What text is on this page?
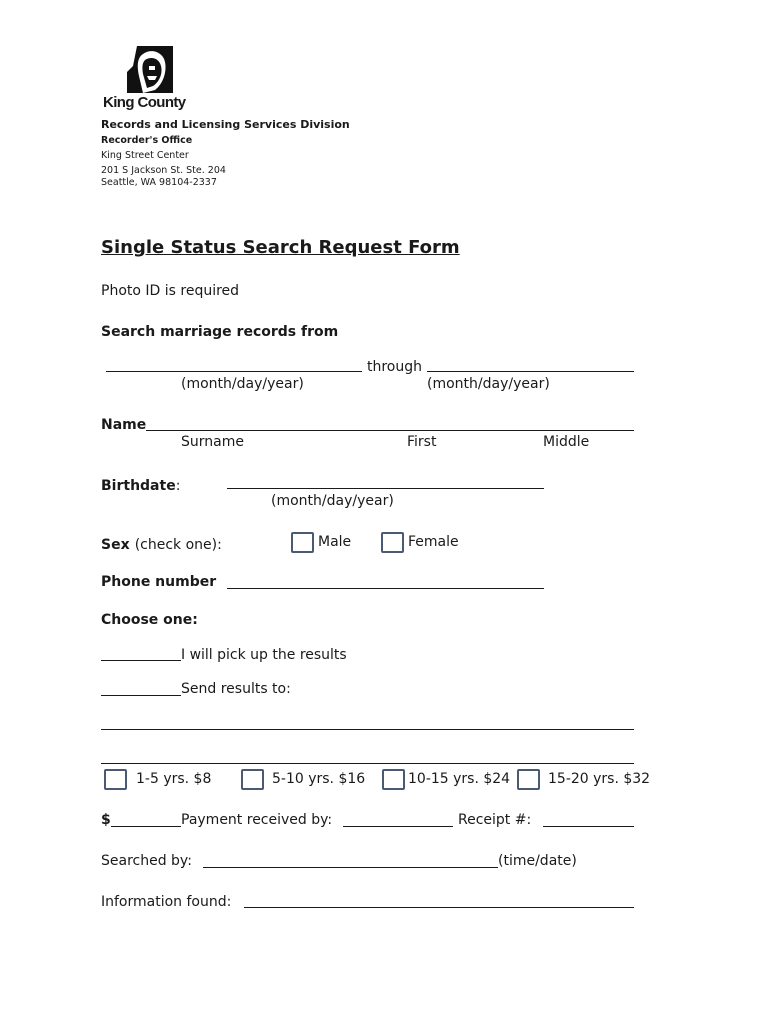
King County
Records and Licensing Services Division
Recorder's Office
King Street Center
201 S Jackson St. Ste. 204
Seattle, WA 98104-2337
Single Status Search Request Form
Photo ID is required
Search marriage records from
through
(month/day/year)	(month/day/year)
Name
Surname	First	Middle
Birthdate:
(month/day/year)
Sex (check one):	Male	Female
Phone number
Choose one:
I will pick up the results
Send results to:
1-5 yrs. $8	5-10 yrs. $16	10-15 yrs. $24	15-20 yrs. $32
$	Payment received by:	Receipt #:
Searched by:	(time/date)
Information found:
